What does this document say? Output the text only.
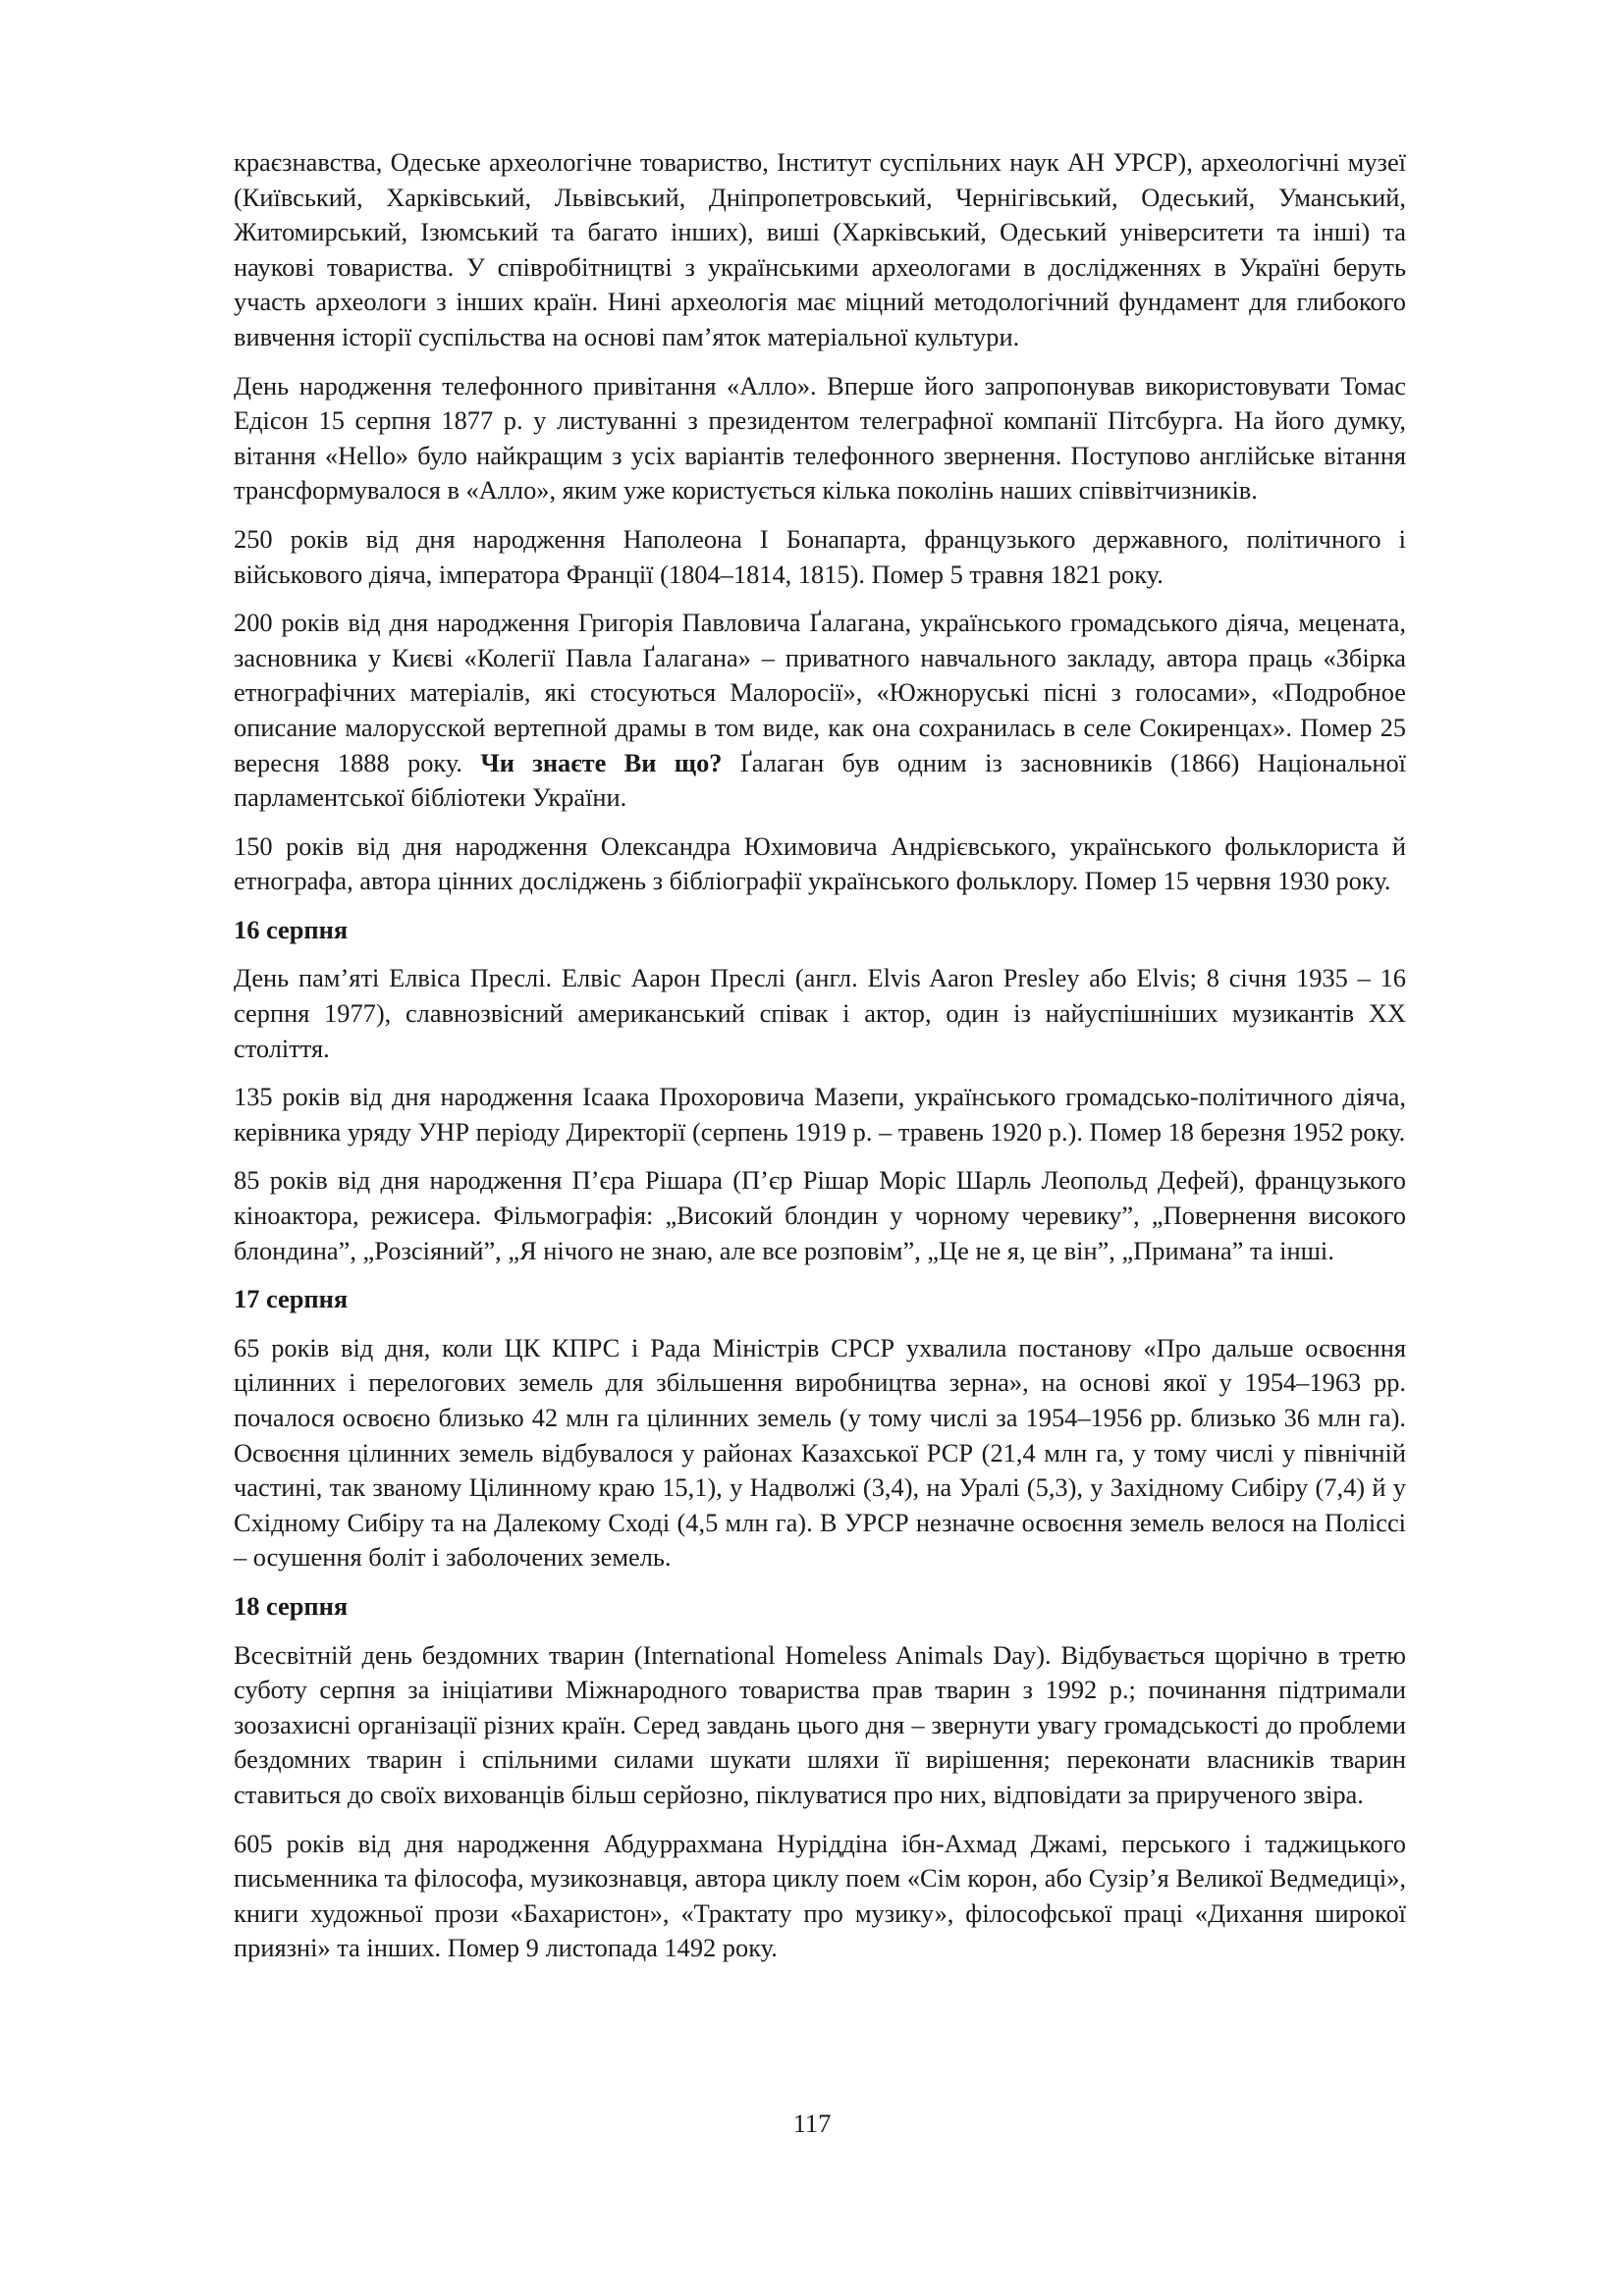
краєзнавства, Одеське археологічне товариство, Інститут суспільних наук АН УРСР), археологічні музеї (Київський, Харківський, Львівський, Дніпропетровський, Чернігівський, Одеський, Уманський, Житомирський, Ізюмський та багато інших), виші (Харківський, Одеський університети та інші) та наукові товариства. У співробітництві з українськими археологами в дослідженнях в Україні беруть участь археологи з інших країн. Нині археологія має міцний методологічний фундамент для глибокого вивчення історії суспільства на основі пам’яток матеріальної культури.

День народження телефонного привітання «Алло». Вперше його запропонував використовувати Томас Едісон 15 серпня 1877 р. у листуванні з президентом телеграфної компанії Пітсбурга. На його думку, вітання «Hello» було найкращим з усіх варіантів телефонного звернення. Поступово англійське вітання трансформувалося в «Алло», яким уже користується кілька поколінь наших співвітчизників.

250 років від дня народження Наполеона І Бонапарта, французького державного, політичного і військового діяча, імператора Франції (1804–1814, 1815). Помер 5 травня 1821 року.

200 років від дня народження Григорія Павловича Ґалагана, українського громадського діяча, мецената, засновника у Києві «Колегії Павла Ґалагана» – приватного навчального закладу, автора праць «Збірка етнографічних матеріалів, які стосуються Малоросії», «Южноруські пісні з голосами», «Подробное описание малорусской вертепной драмы в том виде, как она сохранилась в селе Сокиренцах». Помер 25 вересня 1888 року. Чи знаєте Ви що? Ґалаган був одним із засновників (1866) Національної парламентської бібліотеки України.

150 років від дня народження Олександра Юхимовича Андрієвського, українського фольклориста й етнографа, автора цінних досліджень з бібліографії українського фольклору. Помер 15 червня 1930 року.

16 серпня

День пам’яті Елвіса Преслі. Елвіс Аарон Преслі (англ. Elvis Aaron Presley або Elvis; 8 січня 1935 – 16 серпня 1977), славнозвісний американський співак і актор, один із найуспішніших музикантів XX століття.

135 років від дня народження Ісаака Прохоровича Мазепи, українського громадсько-політичного діяча, керівника уряду УНР періоду Директорії (серпень 1919 р. – травень 1920 р.). Помер 18 березня 1952 року.

85 років від дня народження П’єра Рішара (П’єр Рішар Моріс Шарль Леопольд Дефей), французького кіноактора, режисера. Фільмографія: „Високий блондин у чорному черевику”, „Повернення високого блондина”, „Розсіяний”, „Я нічого не знаю, але все розповім”, „Це не я, це він”, „Примана” та інші.

17 серпня

65 років від дня, коли ЦК КПРС і Рада Міністрів СРСР ухвалила постанову «Про дальше освоєння цілинних і перелогових земель для збільшення виробництва зерна», на основі якої у 1954–1963 рр. почалося освоєно близько 42 млн га цілинних земель (у тому числі за 1954–1956 рр. близько 36 млн га). Освоєння цілинних земель відбувалося у районах Казахської РСР (21,4 млн га, у тому числі у північній частині, так званому Цілинному краю 15,1), у Надволжі (3,4), на Уралі (5,3), у Західному Сибіру (7,4) й у Східному Сибіру та на Далекому Сході (4,5 млн га). В УРСР незначне освоєння земель велося на Поліссі – осушення боліт і заболочених земель.

18 серпня

Всесвітній день бездомних тварин (International Homeless Animals Day). Відбувається щорічно в третю суботу серпня за ініціативи Міжнародного товариства прав тварин з 1992 р.; починання підтримали зоозахисні організації різних країн. Серед завдань цього дня – звернути увагу громадськості до проблеми бездомних тварин і спільними силами шукати шляхи її вирішення; переконати власників тварин ставиться до своїх вихованців більш серйозно, піклуватися про них, відповідати за прирученого звіра.

605 років від дня народження Абдуррахмана Нуріддіна ібн-Ахмад Джамі, перського і таджицького письменника та філософа, музикознавця, автора циклу поем «Сім корон, або Сузір’я Великої Ведмедиці», книги художньої прози «Бахаристон», «Трактату про музику», філософської праці «Дихання широкої приязні» та інших. Помер 9 листопада 1492 року.

117
